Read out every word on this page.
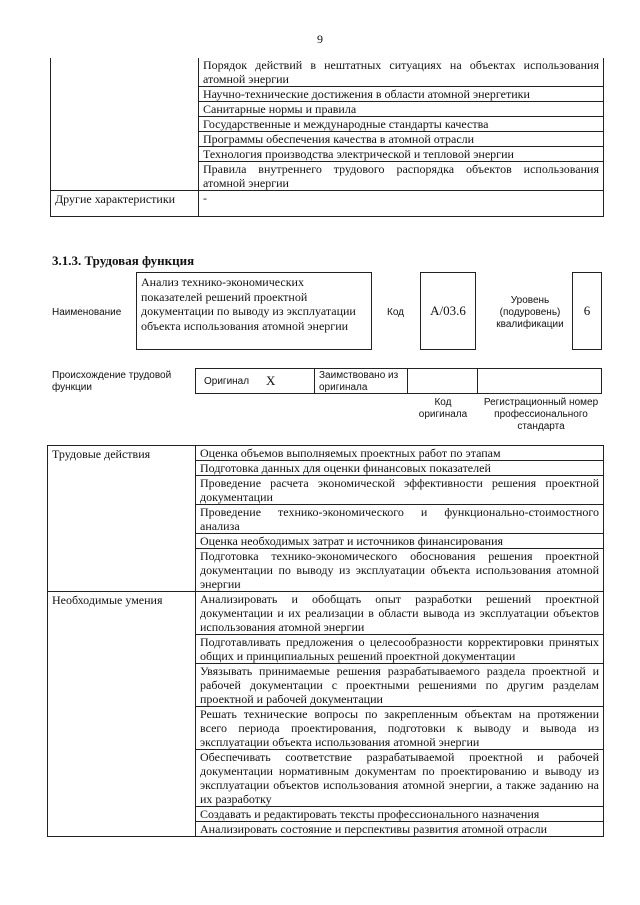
9
	Порядок действий в нештатных ситуациях на объектах использования атомной энергии
	Научно-технические достижения в области атомной энергетики
	Санитарные нормы и правила
	Государственные и международные стандарты качества
	Программы обеспечения качества в атомной отрасли
	Технология производства электрической и тепловой энергии
	Правила внутреннего трудового распорядка объектов использования атомной энергии
Другие характеристики	-
3.1.3. Трудовая функция
Наименование
Анализ технико-экономических показателей решений проектной документации по выводу из эксплуатации объекта использования атомной энергии
Код А/03.6
Уровень (подуровень) квалификации
6
Происхождение трудовой функции
Оригинал X	Заимствовано из оригинала
Код оригинала
Регистрационный номер профессионального стандарта
Трудовые действия	Оценка объемов выполняемых проектных работ по этапам
	Подготовка данных для оценки финансовых показателей
	Проведение расчета экономической эффективности решения проектной документации
	Проведение технико-экономического и функционально-стоимостного анализа
	Оценка необходимых затрат и источников финансирования
	Подготовка технико-экономического обоснования решения проектной документации по выводу из эксплуатации объекта использования атомной энергии
Необходимые умения	Анализировать и обобщать опыт разработки решений проектной документации и их реализации в области вывода из эксплуатации объектов использования атомной энергии
	Подготавливать предложения о целесообразности корректировки принятых общих и принципиальных решений проектной документации
	Увязывать принимаемые решения разрабатываемого раздела проектной и рабочей документации с проектными решениями по другим разделам проектной и рабочей документации
	Решать технические вопросы по закрепленным объектам на протяжении всего периода проектирования, подготовки к выводу и вывода из эксплуатации объекта использования атомной энергии
	Обеспечивать соответствие разрабатываемой проектной и рабочей документации нормативным документам по проектированию и выводу из эксплуатации объектов использования атомной энергии, а также заданию на их разработку
	Создавать и редактировать тексты профессионального назначения
	Анализировать состояние и перспективы развития атомной отрасли
